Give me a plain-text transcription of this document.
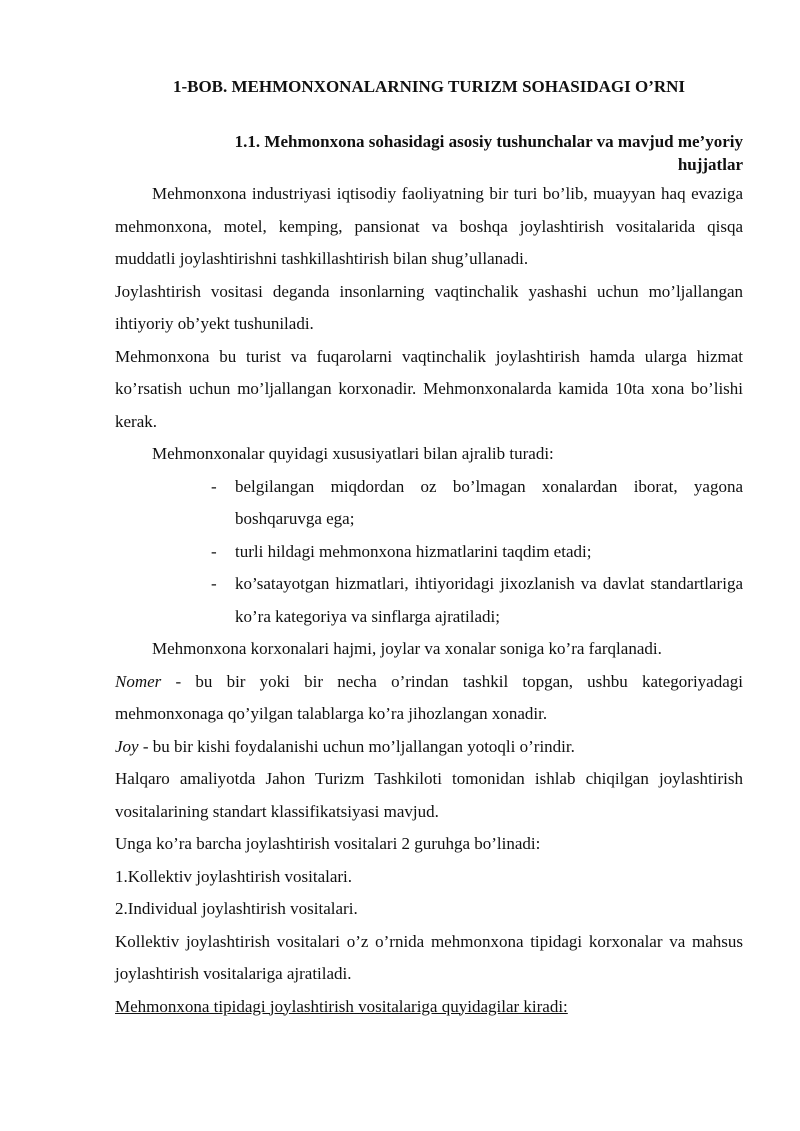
1-BOB. MEHMONXONALARNING TURIZM SOHASIDAGI O’RNI
1.1. Mehmonxona sohasidagi asosiy tushunchalar va mavjud me’yoriy
hujjatlar

Mehmonxona industriyasi iqtisodiy faoliyatning bir turi bo’lib, muayyan haq evaziga mehmonxona, motel, kemping, pansionat va boshqa joylashtirish vositalarida qisqa muddatli joylashtirishni tashkillashtirish bilan shug’ullanadi.

Joylashtirish vositasi deganda insonlarning vaqtinchalik yashashi uchun mo’ljallangan ihtiyoriy ob’yekt tushuniladi.

Mehmonxona bu turist va fuqarolarni vaqtinchalik joylashtirish hamda ularga hizmat ko’rsatish uchun mo’ljallangan korxonadir. Mehmonxonalarda kamida 10ta xona bo’lishi kerak.

Mehmonxonalar quyidagi xususiyatlari bilan ajralib turadi:

- belgilangan miqdordan oz bo’lmagan xonalardan iborat, yagona boshqaruvga ega;
- turli hildagi mehmonxona hizmatlarini taqdim etadi;
- ko’satayotgan hizmatlari, ihtiyoridagi jixozlanish va davlat standartlariga ko’ra kategoriya va sinflarga ajratiladi;

Mehmonxona korxonalari hajmi, joylar va xonalar soniga ko’ra farqlanadi.

Nomer - bu bir yoki bir necha o’rindan tashkil topgan, ushbu kategoriyadagi mehmonxonaga qo’yilgan talablarga ko’ra jihozlangan xonadir.

Joy - bu bir kishi foydalanishi uchun mo’ljallangan yotoqli o’rindir.

Halqaro amaliyotda Jahon Turizm Tashkiloti tomonidan ishlab chiqilgan joylashtirish vositalarining standart klassifikatsiyasi mavjud.

Unga ko’ra barcha joylashtirish vositalari 2 guruhga bo’linadi:

1.Kollektiv joylashtirish vositalari.

2.Individual joylashtirish vositalari.

Kollektiv joylashtirish vositalari o’z o’rnida mehmonxona tipidagi korxonalar va mahsus joylashtirish vositalariga ajratiladi.

Mehmonxona tipidagi joylashtirish vositalariga quyidagilar kiradi:
